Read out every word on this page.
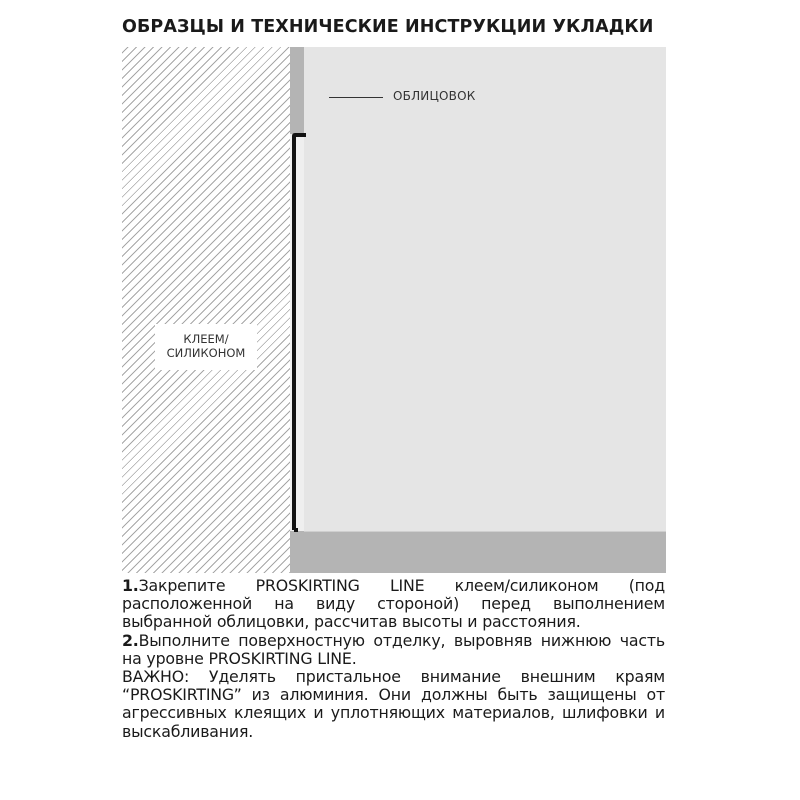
ОБРАЗЦЫ И ТЕХНИЧЕСКИЕ ИНСТРУКЦИИ УКЛАДКИ
ОБЛИЦОВОК
КЛЕЕМ/
СИЛИКОНОМ

1.Закрепите PROSKIRTING LINE клеем/силиконом (под расположенной на виду стороной) перед выполнением выбранной облицовки, рассчитав высоты и расстояния.

2.Выполните поверхностную отделку, выровняв нижнюю часть на уровне PROSKIRTING LINE.

ВАЖНО: Уделять пристальное внимание внешним краям “PROSKIRTING” из алюминия. Они должны быть защищены от агрессивных клеящих и уплотняющих материалов, шлифовки и выскабливания.
